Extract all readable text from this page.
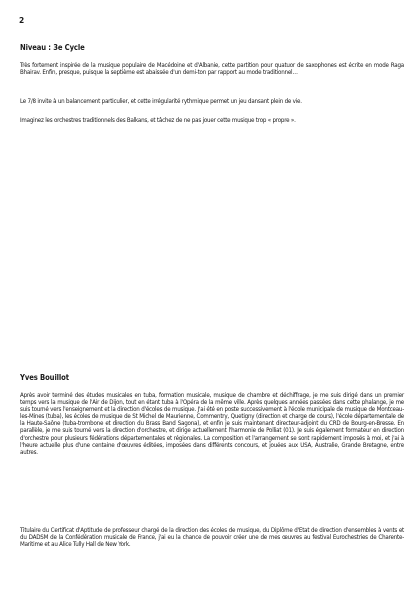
2
Niveau : 3e Cycle

Très fortement inspirée de la musique populaire de Macédoine et d'Albanie, cette partition pour quatuor de saxophones est écrite en mode Raga Bhairav. Enfin, presque, puisque la septième est abaissée d'un demi-ton par rapport au mode traditionnel…

Le 7/8 invite à un balancement particulier, et cette irrégularité rythmique permet un jeu dansant plein de vie.

Imaginez les orchestres traditionnels des Balkans, et tâchez de ne pas jouer cette musique trop « propre ».

Yves Bouillot

Après avoir terminé des études musicales en tuba, formation musicale, musique de chambre et déchiffrage, je me suis dirigé dans un premier temps vers la musique de l'Air de Dijon, tout en étant tuba à l'Opéra de la même ville. Après quelques années passées dans cette phalange, je me suis tourné vers l'enseignement et la direction d'écoles de musique. J'ai été en poste successivement à l'école municipale de musique de Montceau-les-Mines (tuba), les écoles de musique de St Michel de Maurienne, Commentry, Quetigny (direction et charge de cours), l'école départementale de la Haute-Saône (tuba-trombone et direction du Brass Band Sagona), et enfin je suis maintenant directeur-adjoint du CRD de Bourg-en-Bresse. En parallèle, je me suis tourné vers la direction d'orchestre, et dirige actuellement l'harmonie de Polliat (01). Je suis également formateur en direction d'orchestre pour plusieurs fédérations départementales et régionales. La composition et l'arrangement se sont rapidement imposés à moi, et j'ai à l'heure actuelle plus d'une centaine d'œuvres éditées, imposées dans différents concours, et jouées aux USA, Australie, Grande Bretagne, entre autres.

Titulaire du Certificat d'Aptitude de professeur chargé de la direction des écoles de musique, du Diplôme d'Etat de direction d'ensembles à vents et du DADSM de la Confédération musicale de France, j'ai eu la chance de pouvoir créer une de mes œuvres au festival Eurochestries de Charente-Maritime et au Alice Tully Hall de New York.
